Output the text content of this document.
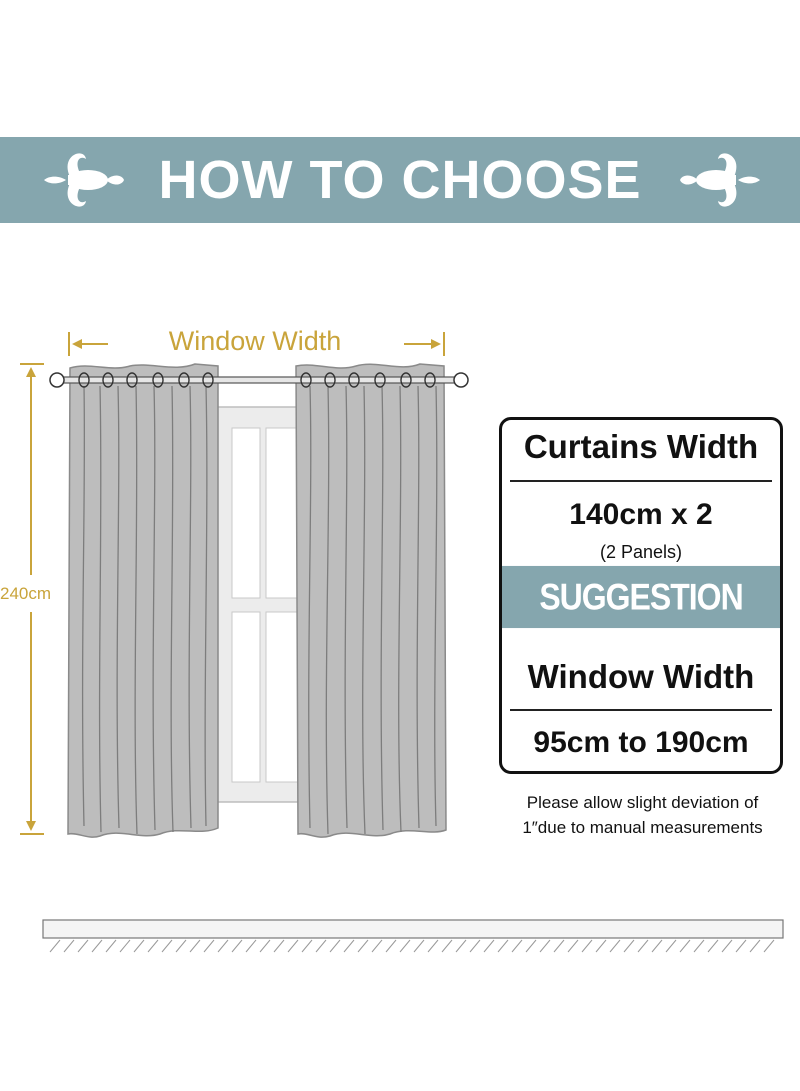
HOW TO CHOOSE
Window Width
240cm
Curtains Width
140cm x 2
(2 Panels)
SUGGESTION
Window Width
95cm to 190cm
Please allow slight deviation of
1″due to manual measurements
